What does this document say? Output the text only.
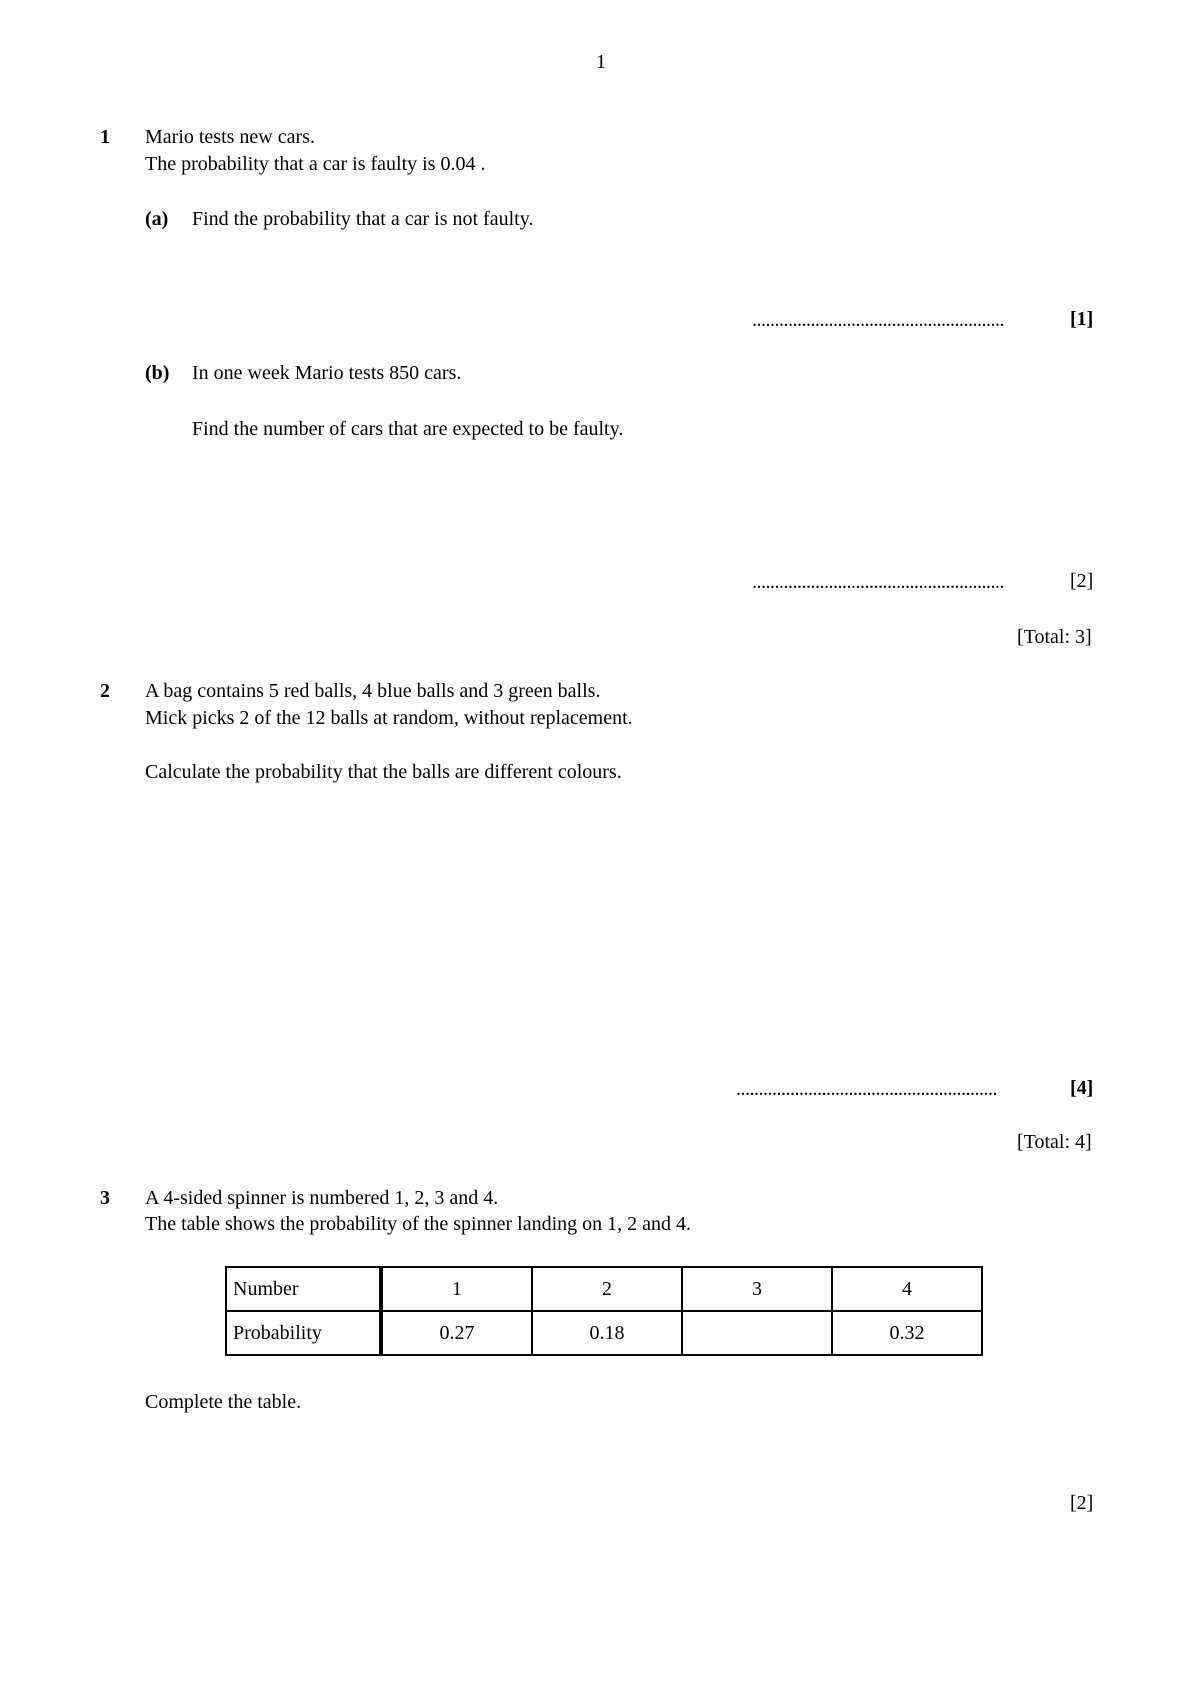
1
1 Mario tests new cars.
The probability that a car is faulty is 0.04 .
(a) Find the probability that a car is not faulty.
........................................................	[1]
(b) In one week Mario tests 850 cars.
Find the number of cars that are expected to be faulty.
........................................................	[2]
[Total: 3]
2 A bag contains 5 red balls, 4 blue balls and 3 green balls.
Mick picks 2 of the 12 balls at random, without replacement.
Calculate the probability that the balls are different colours.
..........................................................	[4]
[Total: 4]
3 A 4-sided spinner is numbered 1, 2, 3 and 4.
The table shows the probability of the spinner landing on 1, 2 and 4.
Number	1	2	3	4
Probability	0.27	0.18		0.32
Complete the table.
[2]
